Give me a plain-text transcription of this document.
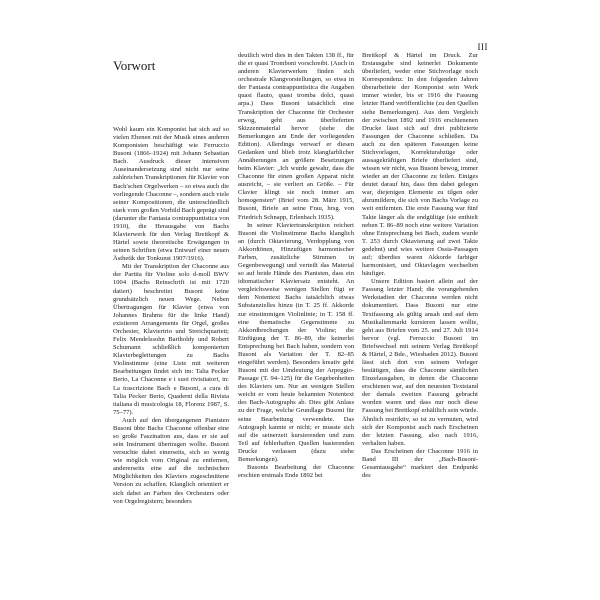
III
Vorwort

Wohl kaum ein Komponist hat sich auf so vielen Ebenen mit der Musik eines anderen Komponisten beschäftigt wie Ferruccio Busoni (1866–1924) mit Johann Sebastian Bach. Ausdruck dieser intensiven Auseinandersetzung sind nicht nur seine zahlreichen Transkriptionen für Klavier von Bach'schen Orgelwerken – so etwa auch die vorliegende Chaconne –, sondern auch viele seiner Kompositionen, die unterschiedlich stark vom großen Vorbild Bach geprägt sind (darunter die Fantasia contrappuntistica von 1910), die Herausgabe von Bachs Klavierwerk für den Verlag Breitkopf & Härtel sowie theoretische Erwägungen in seinen Schriften (etwa Entwurf einer neuen Ästhetik der Tonkunst 1907/1916).

Mit der Transkription der Chaconne aus der Partita für Violine solo d-moll BWV 1004 (Bachs Reinschrift ist mit 1720 datiert) beschreitet Busoni keine grundsätzlich neuen Wege. Neben Übertragungen für Klavier (etwa von Johannes Brahms für die linke Hand) existieren Arrangements für Orgel, großes Orchester, Klaviertrio und Streichquartett; Felix Mendelssohn Bartholdy und Robert Schumann schließlich komponierten Klavierbegleitungen zu Bachs Violinstimme (eine Liste mit weiteren Bearbeitungen findet sich im: Talia Pecker Berio, La Chaconne e i suoi rivisitatori, in: La trascrizione Bach e Busoni, a cura di Talia Pecker Berio, Quaderni della Rivista italiana di musicologia 18, Florenz 1987, S. 75–77).

Auch auf den übergangenen Pianisten Busoni übte Bachs Chaconne offenbar eine so große Faszination aus, dass er sie auf sein Instrument übertragen wollte. Busoni versuchte dabei einerseits, sich so wenig wie möglich vom Original zu entfernen, andererseits eine auf die technischen Möglichkeiten des Klaviers zugeschnittene Version zu schaffen. Klanglich orientiert er sich dabei an Farben des Orchesters oder von Orgelregistern; besonders

deutlich wird dies in den Takten 138 ff., für die er quasi Tromboni vorschreibt. (Auch in anderen Klavierwerken finden sich orchestrale Klangvorstellungen, so etwa in der Fantasia contrappuntistica die Angaben quasi flauto, quasi tromba dolci, quasi arpa.) Dass Busoni tatsächlich eine Transkription der Chaconne für Orchester erwog, geht aus überlieferten Skizzenmaterial hervor (siehe die Bemerkungen am Ende der vorliegenden Edition). Allerdings verwarf er diesen Gedanken und blieb trotz klangfarblicher Annäherungen an größere Besetzungen beim Klavier: „Ich wurde gewahr, dass die Chaconne für einen großen Apparat nicht ausreicht, – sie verliert an Größe. – Für Clavier klingt sie noch immer am homogensten“ (Brief vom 28. März 1915, Busoni, Briefe an seine Frau, hrsg. von Friedrich Schnapp, Erlenbach 1935).

In seiner Klaviertranskription reichert Busoni die Violinstimme Bachs klanglich an (durch Oktavierung, Verdopplung von Akkordtönen, Hinzufügen harmonischer Farben, zusätzliche Stimmen in Gegenbewegung) und verteilt das Material so auf beide Hände des Pianisten, dass ein idiomatischer Klaviersatz entsteht. An vergleichsweise wenigen Stellen fügt er dem Notentext Bachs tatsächlich etwas Substanzielles hinzu (in T. 25 ff. Akkorde zur einstimmigen Violinlinie; in T. 158 ff. eine thematische Gegenstimme zu Akkordbrechungen der Violine; die Einfügung der T. 86–89, die keinerlei Entsprechung bei Bach haben, sondern von Busoni als Variation der T. 82–85 eingeführt werden). Besonders kreativ geht Busoni mit der Umdeutung der Arpeggio-Passage (T. 94–125) für die Gegebenheiten des Klaviers um. Nur an wenigen Stellen weicht er vom heute bekannten Notentext des Bach-Autographs ab. Dies gibt Anlass zu der Frage, welche Grundlage Busoni für seine Bearbeitung verwendete. Das Autograph kannte er nicht; er musste sich auf die seinerzeit kursierenden und zum Teil auf fehlerhaften Quellen basierenden Drucke verlassen (dazu siehe Bemerkungen).

Busonis Bearbeitung der Chaconne erschien erstmals Ende 1892 bei

Breitkopf & Härtel im Druck. Zur Erstausgabe sind keinerlei Dokumente überliefert, weder eine Stichvorlage noch Korrespondenz. In den folgenden Jahren überarbeitete der Komponist sein Werk immer wieder, bis er 1916 die Fassung letzter Hand veröffentlichte (zu den Quellen siehe Bemerkungen). Aus dem Vergleich der zwischen 1892 und 1916 erschienenen Drucke lässt sich auf drei publizierte Fassungen der Chaconne schließen. Da auch zu den späteren Fassungen keine Stichvorlagen, Korrekturabzüge oder aussagekräftigen Briefe überliefert sind, wissen wir nicht, was Busoni bewog, immer wieder an der Chaconne zu feilen. Einiges deutet darauf hin, dass ihm dabei gelegen war, diejenigen Elemente zu tilgen oder abzumildern, die sich von Bachs Vorlage zu weit entfernten. Die erste Fassung war fünf Takte länger als die endgültige (sie enthielt neben T. 86–89 noch eine weitere Variation ohne Entsprechung bei Bach, zudem wurde T. 253 durch Oktavierung auf zwei Takte gedehnt) und wies weitere Ossia-Passagen auf; überdies waren Akkorde farbiger harmonisiert, und Oktavlagen wechselten häufiger.

Unsere Edition basiert allein auf der Fassung letzter Hand; die vorangehenden Werkstadien der Chaconne werden nicht dokumentiert. Dass Busoni nur eine Textfassung als gültig ansah und auf dem Musikalienmarkt kursieren lassen wollte, geht aus Briefen vom 25. und 27. Juli 1914 hervor (vgl. Ferruccio Busoni im Briefwechsel mit seinem Verlag Breitkopf & Härtel, 2 Bde., Wiesbaden 2012). Busoni lässt sich dort von seinem Verleger bestätigen, dass die Chaconne sämtlichen Einzelausgaben, in denen die Chaconne erschienen war, auf den neuesten Textstand der damals zweiten Fassung gebracht worden waren und dass nur noch diese Fassung bei Breitkopf erhältlich sein würde. Ähnlich restriktiv, so ist zu vermuten, wird sich der Komponist auch nach Erscheinen der letzten Fassung, also nach 1916, verhalten haben.

Das Erscheinen der Chaconne 1916 in Band III der „Bach-Busoni-Gesamtausgabe“ markiert den Endpunkt des
